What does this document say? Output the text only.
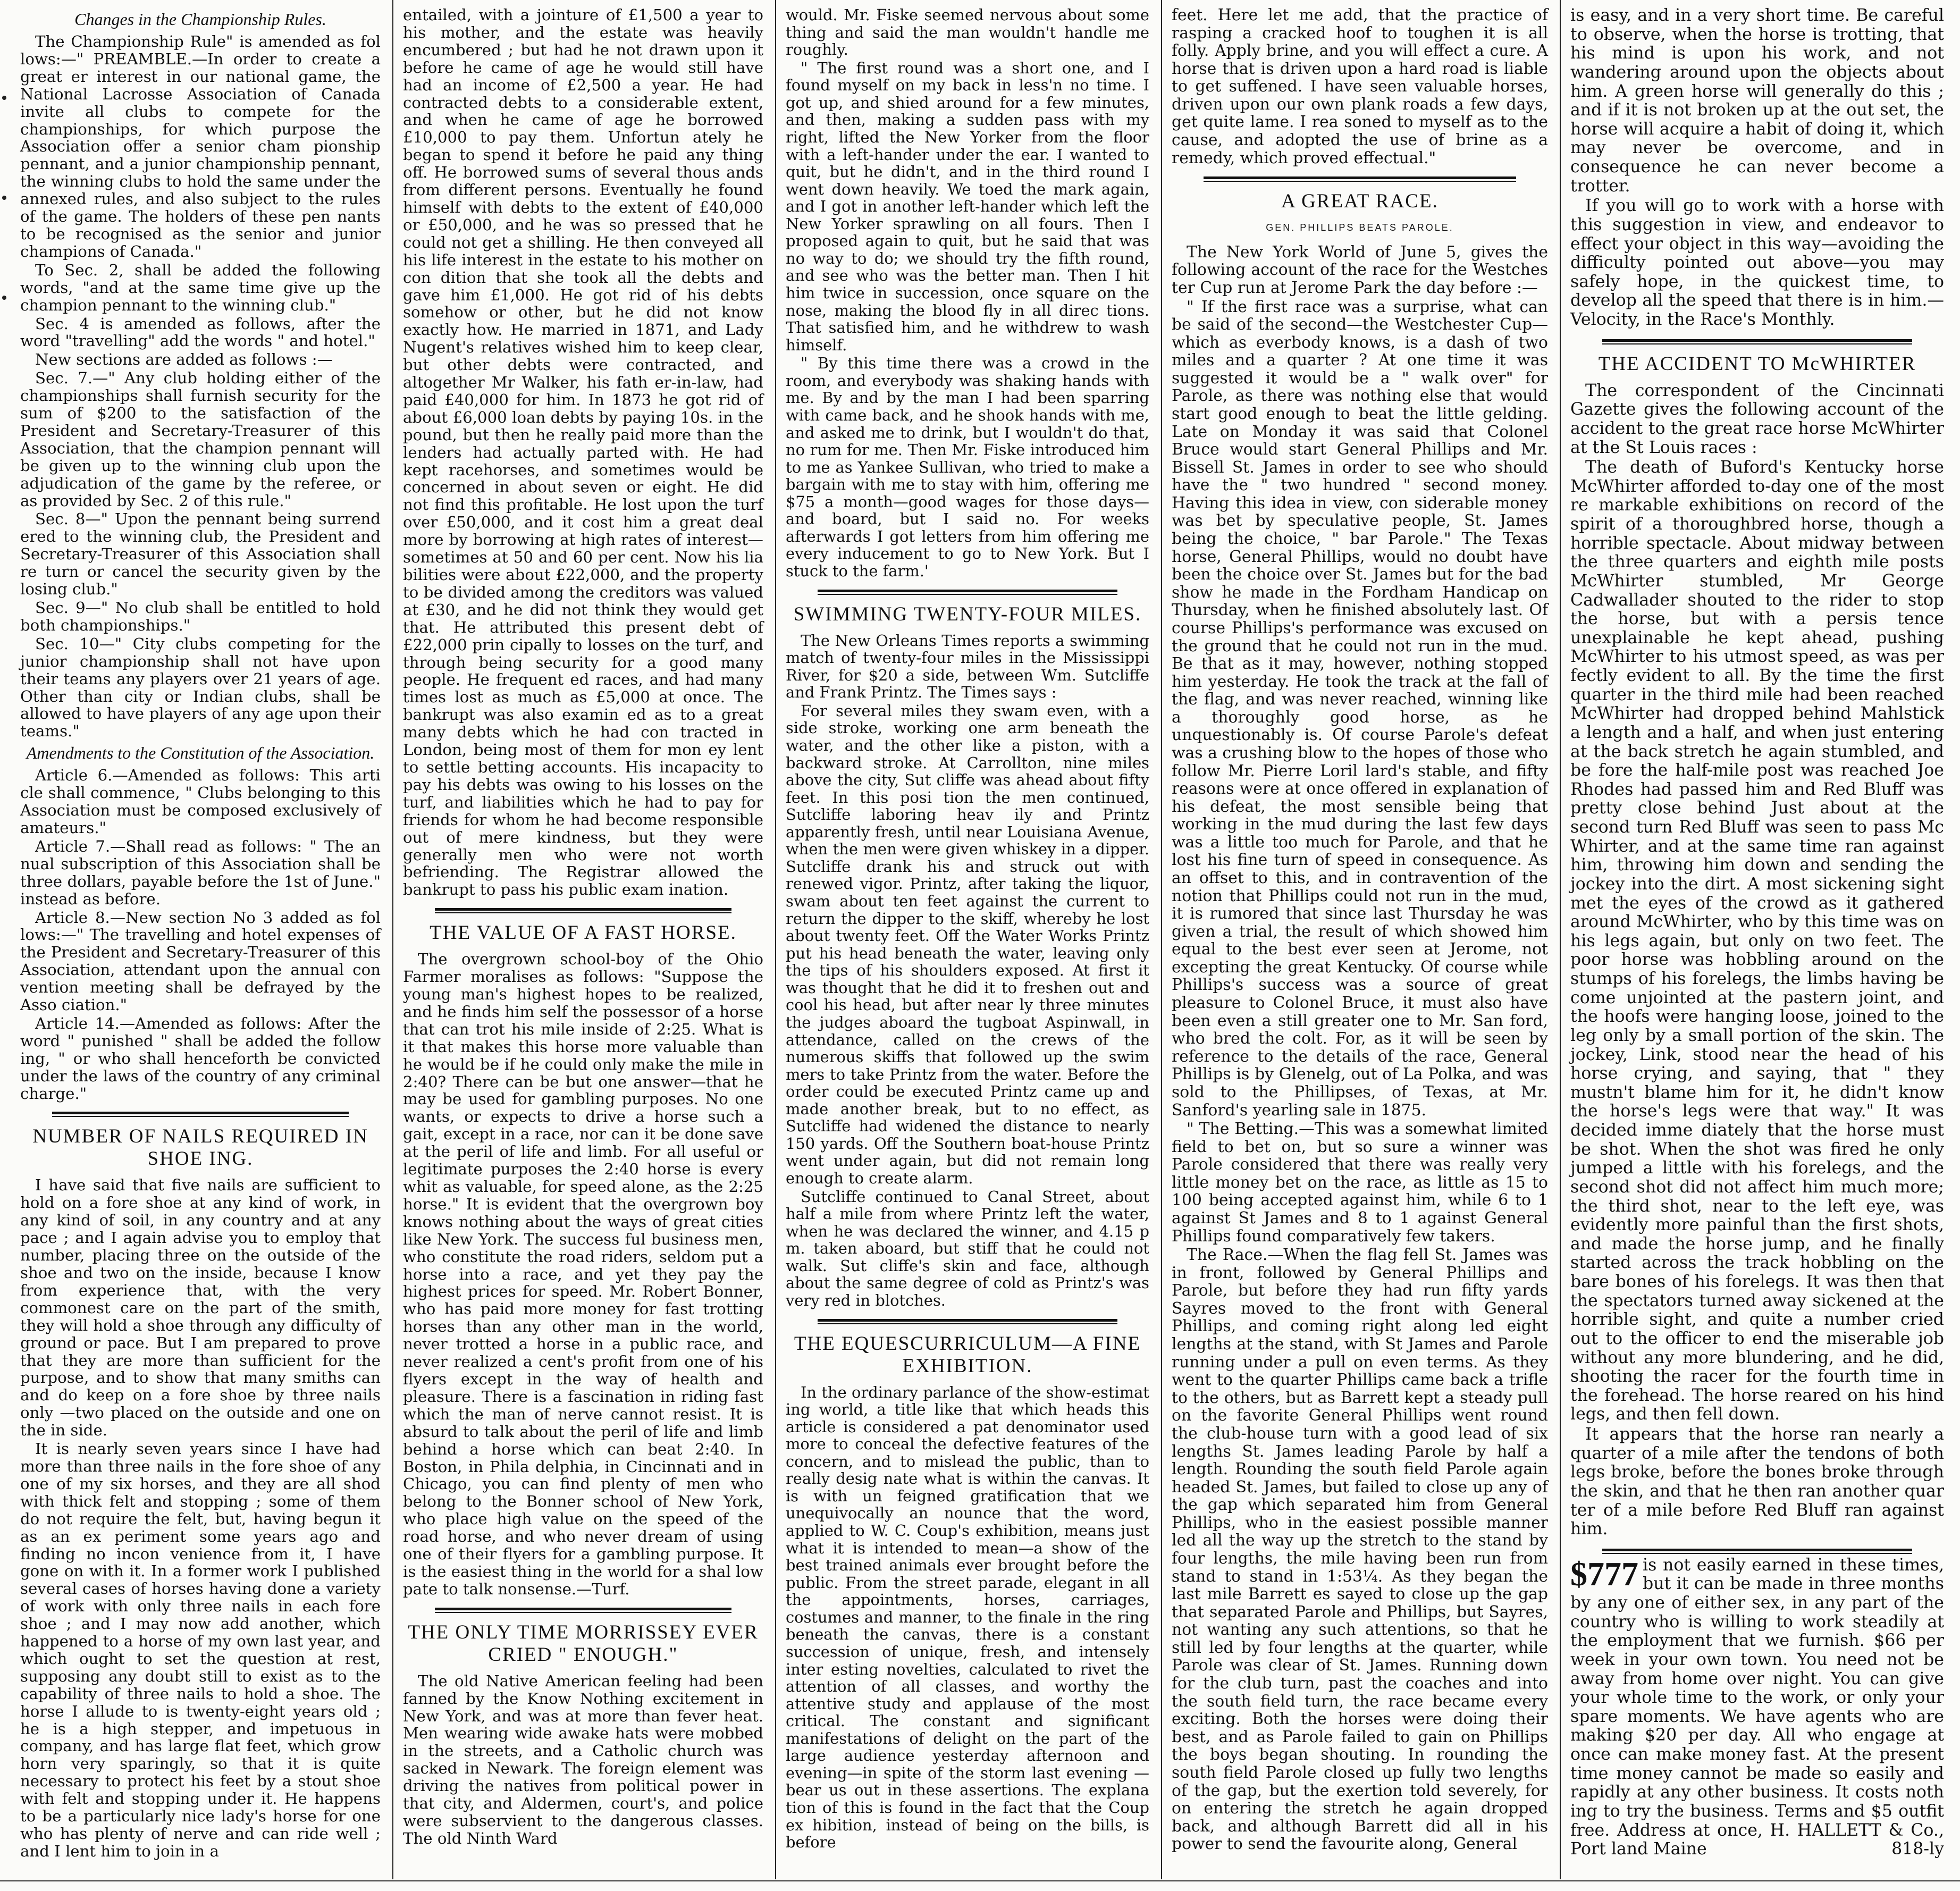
Changes in the Championship Rules.

The Championship Rule" is amended as fol lows:—" PREAMBLE.—In order to create a great er interest in our national game, the National Lacrosse Association of Canada invite all clubs to compete for the championships, for which purpose the Association offer a senior cham pionship pennant, and a junior championship pennant, the winning clubs to hold the same under the annexed rules, and also subject to the rules of the game. The holders of these pen nants to be recognised as the senior and junior champions of Canada."

To Sec. 2, shall be added the following words, "and at the same time give up the champion pennant to the winning club."

Sec. 4 is amended as follows, after the word "travelling" add the words " and hotel."

New sections are added as follows :—

Sec. 7.—" Any club holding either of the championships shall furnish security for the sum of $200 to the satisfaction of the President and Secretary-Treasurer of this Association, that the champion pennant will be given up to the winning club upon the adjudication of the game by the referee, or as provided by Sec. 2 of this rule."

Sec. 8—" Upon the pennant being surrend ered to the winning club, the President and Secretary-Treasurer of this Association shall re turn or cancel the security given by the losing club."

Sec. 9—" No club shall be entitled to hold both championships."

Sec. 10—" City clubs competing for the junior championship shall not have upon their teams any players over 21 years of age. Other than city or Indian clubs, shall be allowed to have players of any age upon their teams."

Amendments to the Constitution of the Association.

Article 6.—Amended as follows: This arti cle shall commence, " Clubs belonging to this Association must be composed exclusively of amateurs."

Article 7.—Shall read as follows: " The an nual subscription of this Association shall be three dollars, payable before the 1st of June." instead as before.

Article 8.—New section No 3 added as fol lows:—" The travelling and hotel expenses of the President and Secretary-Treasurer of this Association, attendant upon the annual con vention meeting shall be defrayed by the Asso ciation."

Article 14.—Amended as follows: After the word " punished " shall be added the follow ing, " or who shall henceforth be convicted under the laws of the country of any criminal charge."

NUMBER OF NAILS REQUIRED IN SHOE ING.

I have said that five nails are sufficient to hold on a fore shoe at any kind of work, in any kind of soil, in any country and at any pace ; and I again advise you to employ that number, placing three on the outside of the shoe and two on the inside, because I know from experience that, with the very commonest care on the part of the smith, they will hold a shoe through any difficulty of ground or pace. But I am prepared to prove that they are more than sufficient for the purpose, and to show that many smiths can and do keep on a fore shoe by three nails only —two placed on the outside and one on the in side.

It is nearly seven years since I have had more than three nails in the fore shoe of any one of my six horses, and they are all shod with thick felt and stopping ; some of them do not require the felt, but, having begun it as an ex periment some years ago and finding no incon venience from it, I have gone on with it. In a former work I published several cases of horses having done a variety of work with only three nails in each fore shoe ; and I may now add another, which happened to a horse of my own last year, and which ought to set the question at rest, supposing any doubt still to exist as to the capability of three nails to hold a shoe. The horse I allude to is twenty-eight years old ; he is a high stepper, and impetuous in company, and has large flat feet, which grow horn very sparingly, so that it is quite necessary to protect his feet by a stout shoe with felt and stopping under it. He happens to be a particularly nice lady's horse for one who has plenty of nerve and can ride well ; and I lent him to join in a

entailed, with a jointure of £1,500 a year to his mother, and the estate was heavily encumbered ; but had he not drawn upon it before he came of age he would still have had an income of £2,500 a year. He had contracted debts to a considerable extent, and when he came of age he borrowed £10,000 to pay them. Unfortun ately he began to spend it before he paid any thing off. He borrowed sums of several thous ands from different persons. Eventually he found himself with debts to the extent of £40,000 or £50,000, and he was so pressed that he could not get a shilling. He then conveyed all his life interest in the estate to his mother on con dition that she took all the debts and gave him £1,000. He got rid of his debts somehow or other, but he did not know exactly how. He married in 1871, and Lady Nugent's relatives wished him to keep clear, but other debts were contracted, and altogether Mr Walker, his fath er-in-law, had paid £40,000 for him. In 1873 he got rid of about £6,000 loan debts by paying 10s. in the pound, but then he really paid more than the lenders had actually parted with. He had kept racehorses, and sometimes would be concerned in about seven or eight. He did not find this profitable. He lost upon the turf over £50,000, and it cost him a great deal more by borrowing at high rates of interest—sometimes at 50 and 60 per cent. Now his lia bilities were about £22,000, and the property to be divided among the creditors was valued at £30, and he did not think they would get that. He attributed this present debt of £22,000 prin cipally to losses on the turf, and through being security for a good many people. He frequent ed races, and had many times lost as much as £5,000 at once. The bankrupt was also examin ed as to a great many debts which he had con tracted in London, being most of them for mon ey lent to settle betting accounts. His incapacity to pay his debts was owing to his losses on the turf, and liabilities which he had to pay for friends for whom he had become responsible out of mere kindness, but they were generally men who were not worth befriending. The Registrar allowed the bankrupt to pass his public exam ination.

THE VALUE OF A FAST HORSE.

The overgrown school-boy of the Ohio Farmer moralises as follows: "Suppose the young man's highest hopes to be realized, and he finds him self the possessor of a horse that can trot his mile inside of 2:25. What is it that makes this horse more valuable than he would be if he could only make the mile in 2:40? There can be but one answer—that he may be used for gambling purposes. No one wants, or expects to drive a horse such a gait, except in a race, nor can it be done save at the peril of life and limb. For all useful or legitimate purposes the 2:40 horse is every whit as valuable, for speed alone, as the 2:25 horse." It is evident that the overgrown boy knows nothing about the ways of great cities like New York. The success ful business men, who constitute the road riders, seldom put a horse into a race, and yet they pay the highest prices for speed. Mr. Robert Bonner, who has paid more money for fast trotting horses than any other man in the world, never trotted a horse in a public race, and never realized a cent's profit from one of his flyers except in the way of health and pleasure. There is a fascination in riding fast which the man of nerve cannot resist. It is absurd to talk about the peril of life and limb behind a horse which can beat 2:40. In Boston, in Phila delphia, in Cincinnati and in Chicago, you can find plenty of men who belong to the Bonner school of New York, who place high value on the speed of the road horse, and who never dream of using one of their flyers for a gambling purpose. It is the easiest thing in the world for a shal low pate to talk nonsense.—Turf.

THE ONLY TIME MORRISSEY EVER CRIED " ENOUGH."

The old Native American feeling had been fanned by the Know Nothing excitement in New York, and was at more than fever heat. Men wearing wide awake hats were mobbed in the streets, and a Catholic church was sacked in Newark. The foreign element was driving the natives from political power in that city, and Aldermen, court's, and police were subservient to the dangerous classes. The old Ninth Ward

would. Mr. Fiske seemed nervous about some thing and said the man wouldn't handle me roughly.

" The first round was a short one, and I found myself on my back in less'n no time. I got up, and shied around for a few minutes, and then, making a sudden pass with my right, lifted the New Yorker from the floor with a left-hander under the ear. I wanted to quit, but he didn't, and in the third round I went down heavily. We toed the mark again, and I got in another left-hander which left the New Yorker sprawling on all fours. Then I proposed again to quit, but he said that was no way to do; we should try the fifth round, and see who was the better man. Then I hit him twice in succession, once square on the nose, making the blood fly in all direc tions. That satisfied him, and he withdrew to wash himself.

" By this time there was a crowd in the room, and everybody was shaking hands with me. By and by the man I had been sparring with came back, and he shook hands with me, and asked me to drink, but I wouldn't do that, no rum for me. Then Mr. Fiske introduced him to me as Yankee Sullivan, who tried to make a bargain with me to stay with him, offering me $75 a month—good wages for those days—and board, but I said no. For weeks afterwards I got letters from him offering me every inducement to go to New York. But I stuck to the farm.'

SWIMMING TWENTY-FOUR MILES.

The New Orleans Times reports a swimming match of twenty-four miles in the Mississippi River, for $20 a side, between Wm. Sutcliffe and Frank Printz. The Times says :

For several miles they swam even, with a side stroke, working one arm beneath the water, and the other like a piston, with a backward stroke. At Carrollton, nine miles above the city, Sut cliffe was ahead about fifty feet. In this posi tion the men continued, Sutcliffe laboring heav ily and Printz apparently fresh, until near Louisiana Avenue, when the men were given whiskey in a dipper. Sutcliffe drank his and struck out with renewed vigor. Printz, after taking the liquor, swam about ten feet against the current to return the dipper to the skiff, whereby he lost about twenty feet. Off the Water Works Printz put his head beneath the water, leaving only the tips of his shoulders exposed. At first it was thought that he did it to freshen out and cool his head, but after near ly three minutes the judges aboard the tugboat Aspinwall, in attendance, called on the crews of the numerous skiffs that followed up the swim mers to take Printz from the water. Before the order could be executed Printz came up and made another break, but to no effect, as Sutcliffe had widened the distance to nearly 150 yards. Off the Southern boat-house Printz went under again, but did not remain long enough to create alarm.

Sutcliffe continued to Canal Street, about half a mile from where Printz left the water, when he was declared the winner, and 4.15 p m. taken aboard, but stiff that he could not walk. Sut cliffe's skin and face, although about the same degree of cold as Printz's was very red in blotches.

THE EQUESCURRICULUM—A FINE EXHIBITION.

In the ordinary parlance of the show-estimat ing world, a title like that which heads this article is considered a pat denominator used more to conceal the defective features of the concern, and to mislead the public, than to really desig nate what is within the canvas. It is with un feigned gratification that we unequivocally an nounce that the word, applied to W. C. Coup's exhibition, means just what it is intended to mean—a show of the best trained animals ever brought before the public. From the street parade, elegant in all the appointments, horses, carriages, costumes and manner, to the finale in the ring beneath the canvas, there is a constant succession of unique, fresh, and intensely inter esting novelties, calculated to rivet the attention of all classes, and worthy the attentive study and applause of the most critical. The constant and significant manifestations of delight on the part of the large audience yesterday afternoon and evening—in spite of the storm last evening —bear us out in these assertions. The explana tion of this is found in the fact that the Coup ex hibition, instead of being on the bills, is before

feet. Here let me add, that the practice of rasping a cracked hoof to toughen it is all folly. Apply brine, and you will effect a cure. A horse that is driven upon a hard road is liable to get suffened. I have seen valuable horses, driven upon our own plank roads a few days, get quite lame. I rea soned to myself as to the cause, and adopted the use of brine as a remedy, which proved effectual."

A GREAT RACE.
GEN. PHILLIPS BEATS PAROLE.

The New York World of June 5, gives the following account of the race for the Westches ter Cup run at Jerome Park the day before :—

" If the first race was a surprise, what can be said of the second—the Westchester Cup—which as everbody knows, is a dash of two miles and a quarter ? At one time it was suggested it would be a " walk over" for Parole, as there was nothing else that would start good enough to beat the little gelding. Late on Monday it was said that Colonel Bruce would start General Phillips and Mr. Bissell St. James in order to see who should have the " two hundred " second money. Having this idea in view, con siderable money was bet by speculative people, St. James being the choice, " bar Parole." The Texas horse, General Phillips, would no doubt have been the choice over St. James but for the bad show he made in the Fordham Handicap on Thursday, when he finished absolutely last. Of course Phillips's performance was excused on the ground that he could not run in the mud. Be that as it may, however, nothing stopped him yesterday. He took the track at the fall of the flag, and was never reached, winning like a thoroughly good horse, as he unquestionably is. Of course Parole's defeat was a crushing blow to the hopes of those who follow Mr. Pierre Loril lard's stable, and fifty reasons were at once offered in explanation of his defeat, the most sensible being that working in the mud during the last few days was a little too much for Parole, and that he lost his fine turn of speed in consequence. As an offset to this, and in contravention of the notion that Phillips could not run in the mud, it is rumored that since last Thursday he was given a trial, the result of which showed him equal to the best ever seen at Jerome, not excepting the great Kentucky. Of course while Phillips's success was a source of great pleasure to Colonel Bruce, it must also have been even a still greater one to Mr. San ford, who bred the colt. For, as it will be seen by reference to the details of the race, General Phillips is by Glenelg, out of La Polka, and was sold to the Phillipses, of Texas, at Mr. Sanford's yearling sale in 1875.

" The Betting.—This was a somewhat limited field to bet on, but so sure a winner was Parole considered that there was really very little money bet on the race, as little as 15 to 100 being accepted against him, while 6 to 1 against St James and 8 to 1 against General Phillips found comparatively few takers.

The Race.—When the flag fell St. James was in front, followed by General Phillips and Parole, but before they had run fifty yards Sayres moved to the front with General Phillips, and coming right along led eight lengths at the stand, with St James and Parole running under a pull on even terms. As they went to the quarter Phillips came back a trifle to the others, but as Barrett kept a steady pull on the favorite General Phillips went round the club-house turn with a good lead of six lengths St. James leading Parole by half a length. Rounding the south field Parole again headed St. James, but failed to close up any of the gap which separated him from General Phillips, who in the easiest possible manner led all the way up the stretch to the stand by four lengths, the mile having been run from stand to stand in 1:53¼. As they began the last mile Barrett es sayed to close up the gap that separated Parole and Phillips, but Sayres, not wanting any such attentions, so that he still led by four lengths at the quarter, while Parole was clear of St. James. Running down for the club turn, past the coaches and into the south field turn, the race became every exciting. Both the horses were doing their best, and as Parole failed to gain on Phillips the boys began shouting. In rounding the south field Parole closed up fully two lengths of the gap, but the exertion told severely, for on entering the stretch he again dropped back, and although Barrett did all in his power to send the favourite along, General

is easy, and in a very short time. Be careful to observe, when the horse is trotting, that his mind is upon his work, and not wandering around upon the objects about him. A green horse will generally do this ; and if it is not broken up at the out set, the horse will acquire a habit of doing it, which may never be overcome, and in consequence he can never become a trotter.

If you will go to work with a horse with this suggestion in view, and endeavor to effect your object in this way—avoiding the difficulty pointed out above—you may safely hope, in the quickest time, to develop all the speed that there is in him.—Velocity, in the Race's Monthly.

THE ACCIDENT TO McWHIRTER

The correspondent of the Cincinnati Gazette gives the following account of the accident to the great race horse McWhirter at the St Louis races :

The death of Buford's Kentucky horse McWhirter afforded to-day one of the most re markable exhibitions on record of the spirit of a thoroughbred horse, though a horrible spectacle. About midway between the three quarters and eighth mile posts McWhirter stumbled, Mr George Cadwallader shouted to the rider to stop the horse, but with a persis tence unexplainable he kept ahead, pushing McWhirter to his utmost speed, as was per fectly evident to all. By the time the first quarter in the third mile had been reached McWhirter had dropped behind Mahlstick a length and a half, and when just entering at the back stretch he again stumbled, and be fore the half-mile post was reached Joe Rhodes had passed him and Red Bluff was pretty close behind Just about at the second turn Red Bluff was seen to pass Mc Whirter, and at the same time ran against him, throwing him down and sending the jockey into the dirt. A most sickening sight met the eyes of the crowd as it gathered around McWhirter, who by this time was on his legs again, but only on two feet. The poor horse was hobbling around on the stumps of his forelegs, the limbs having be come unjointed at the pastern joint, and the hoofs were hanging loose, joined to the leg only by a small portion of the skin. The jockey, Link, stood near the head of his horse crying, and saying, that " they mustn't blame him for it, he didn't know the horse's legs were that way." It was decided imme diately that the horse must be shot. When the shot was fired he only jumped a little with his forelegs, and the second shot did not affect him much more; the third shot, near to the left eye, was evidently more painful than the first shots, and made the horse jump, and he finally started across the track hobbling on the bare bones of his forelegs. It was then that the spectators turned away sickened at the horrible sight, and quite a number cried out to the officer to end the miserable job without any more blundering, and he did, shooting the racer for the fourth time in the forehead. The horse reared on his hind legs, and then fell down.

It appears that the horse ran nearly a quarter of a mile after the tendons of both legs broke, before the bones broke through the skin, and that he then ran another quar ter of a mile before Red Bluff ran against him.

$777 is not easily earned in these times, but it can be made in three months by any one of either sex, in any part of the country who is willing to work steadily at the employment that we furnish. $66 per week in your own town. You need not be away from home over night. You can give your whole time to the work, or only your spare moments. We have agents who are making $20 per day. All who engage at once can make money fast. At the present time money cannot be made so easily and rapidly at any other business. It costs noth ing to try the business. Terms and $5 outfit free. Address at once, H. HALLETT & Co., Port land Maine	818-ly
